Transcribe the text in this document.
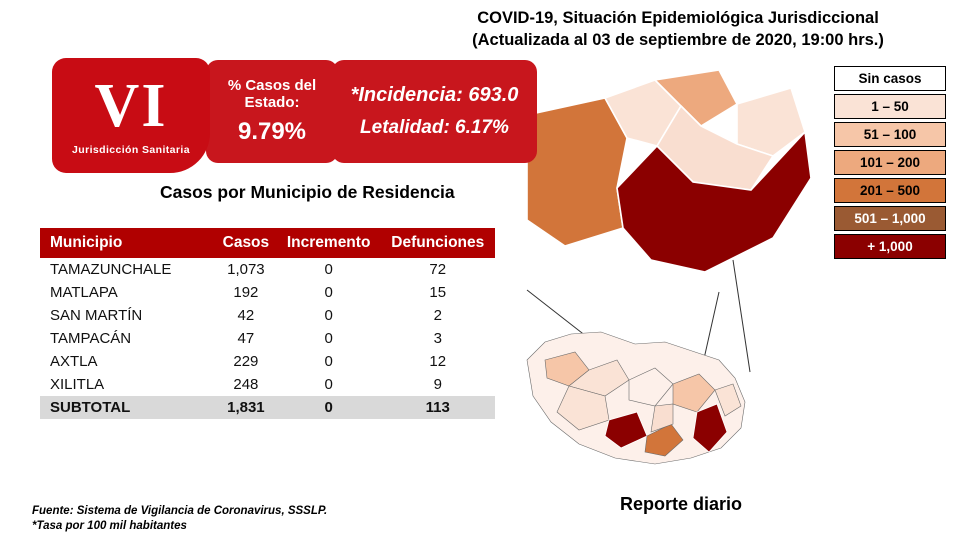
COVID-19, Situación Epidemiológica Jurisdiccional
(Actualizada al 03 de septiembre de 2020, 19:00 hrs.)
VI
Jurisdicción Sanitaria
% Casos del Estado:
9.79%
*Incidencia: 693.0
Letalidad: 6.17%
Casos por Municipio de Residencia
Municipio	Casos	Incremento	Defunciones
TAMAZUNCHALE	1,073	0	72
MATLAPA	192	0	15
SAN MARTÍN	42	0	2
TAMPACÁN	47	0	3
AXTLA	229	0	12
XILITLA	248	0	9
SUBTOTAL	1,831	0	113
Sin casos
1 – 50
51 – 100
101 – 200
201 – 500
501 – 1,000
+ 1,000
Reporte diario
Fuente: Sistema de Vigilancia de Coronavirus, SSSLP.
*Tasa por 100 mil habitantes
